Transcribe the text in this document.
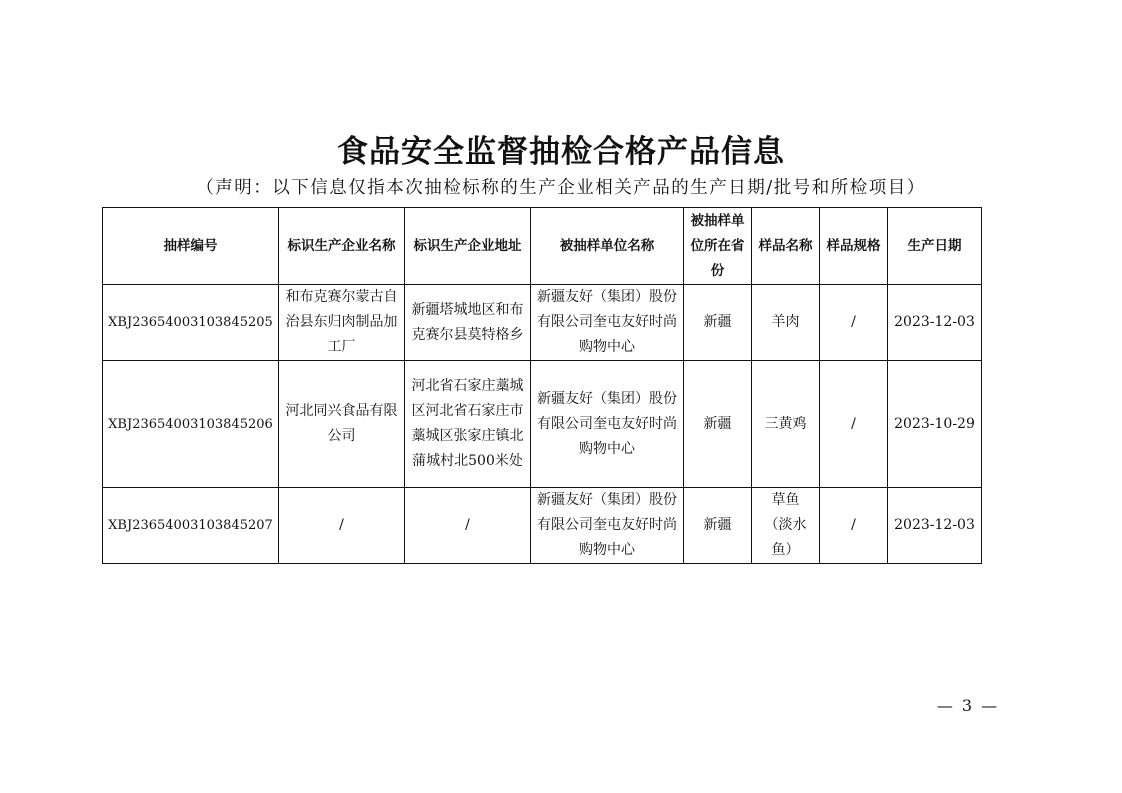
食品安全监督抽检合格产品信息
（声明：以下信息仅指本次抽检标称的生产企业相关产品的生产日期/批号和所检项目）
抽样编号	标识生产企业名称	标识生产企业地址	被抽样单位名称	被抽样单位所在省份	样品名称	样品规格	生产日期
XBJ23654003103845205	和布克赛尔蒙古自治县东归肉制品加工厂	新疆塔城地区和布克赛尔县莫特格乡	新疆友好（集团）股份有限公司奎屯友好时尚购物中心	新疆	羊肉	/	2023-12-03
XBJ23654003103845206	河北同兴食品有限公司	河北省石家庄藁城区河北省石家庄市藁城区张家庄镇北蒲城村北500米处	新疆友好（集团）股份有限公司奎屯友好时尚购物中心	新疆	三黄鸡	/	2023-10-29
XBJ23654003103845207	/	/	新疆友好（集团）股份有限公司奎屯友好时尚购物中心	新疆	草鱼（淡水鱼）	/	2023-12-03
— 3 —
